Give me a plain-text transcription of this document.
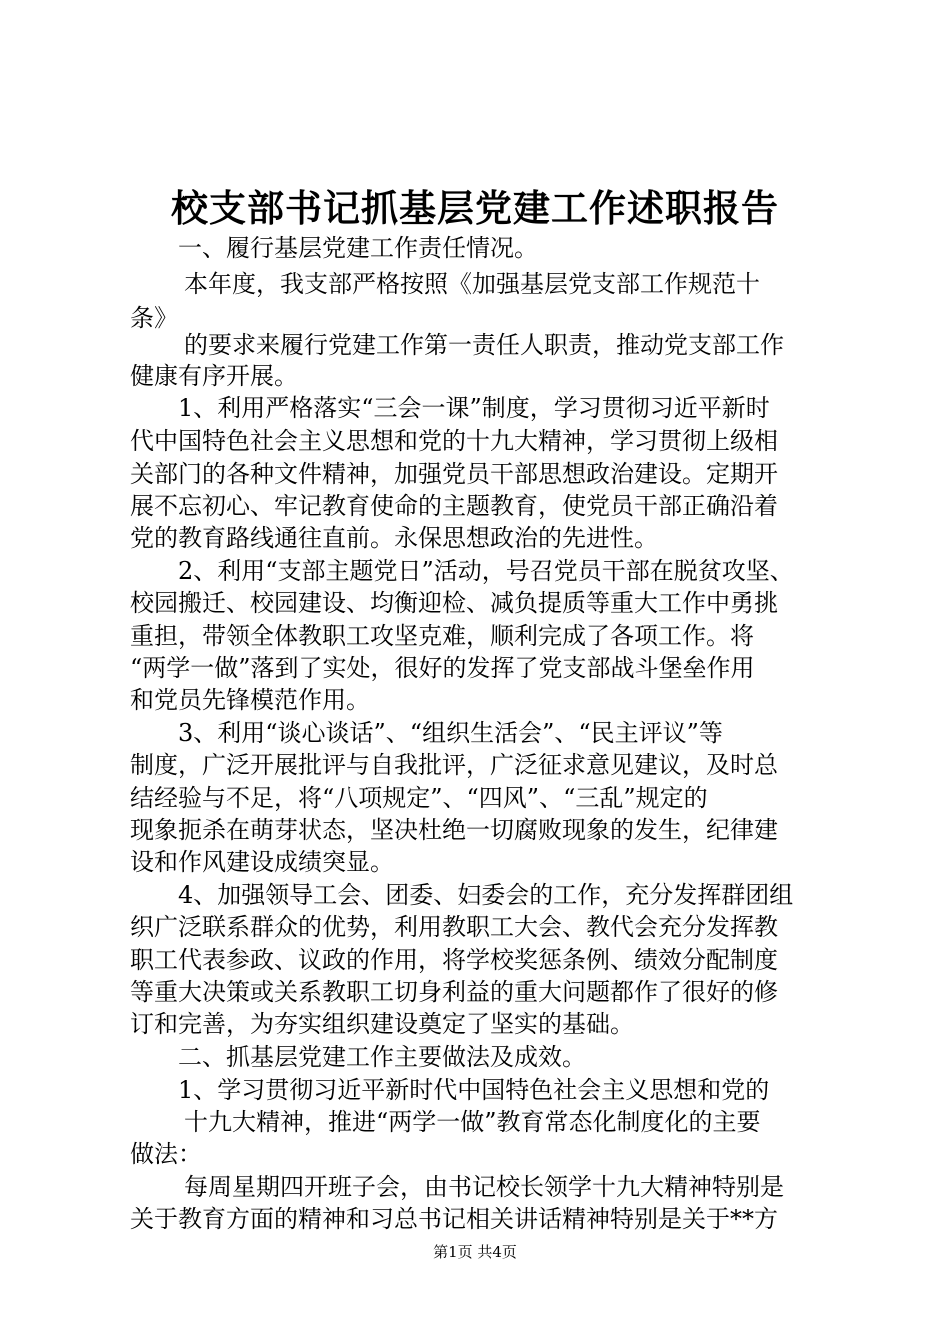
校支部书记抓基层党建工作述职报告
一、履行基层党建工作责任情况。
本年度，我支部严格按照《加强基层党支部工作规范十
条》
的要求来履行党建工作第一责任人职责，推动党支部工作
健康有序开展。
1、利用严格落实“三会一课”制度，学习贯彻习近平新时
代中国特色社会主义思想和党的十九大精神，学习贯彻上级相
关部门的各种文件精神，加强党员干部思想政治建设。定期开
展不忘初心、牢记教育使命的主题教育，使党员干部正确沿着
党的教育路线通往直前。永保思想政治的先进性。
2、利用“支部主题党日”活动，号召党员干部在脱贫攻坚、
校园搬迁、校园建设、均衡迎检、减负提质等重大工作中勇挑
重担，带领全体教职工攻坚克难，顺利完成了各项工作。将
“两学一做”落到了实处，很好的发挥了党支部战斗堡垒作用
和党员先锋模范作用。
3、利用“谈心谈话”、“组织生活会”、“民主评议”等
制度，广泛开展批评与自我批评，广泛征求意见建议，及时总
结经验与不足，将“八项规定”、“四风”、“三乱”规定的
现象扼杀在萌芽状态，坚决杜绝一切腐败现象的发生，纪律建
设和作风建设成绩突显。
4、加强领导工会、团委、妇委会的工作，充分发挥群团组
织广泛联系群众的优势，利用教职工大会、教代会充分发挥教
职工代表参政、议政的作用，将学校奖惩条例、绩效分配制度
等重大决策或关系教职工切身利益的重大问题都作了很好的修
订和完善，为夯实组织建设奠定了坚实的基础。
二、抓基层党建工作主要做法及成效。
1、学习贯彻习近平新时代中国特色社会主义思想和党的
十九大精神，推进“两学一做”教育常态化制度化的主要
做法：
每周星期四开班子会，由书记校长领学十九大精神特别是
关于教育方面的精神和习总书记相关讲话精神特别是关于**方
第1页 共4页
